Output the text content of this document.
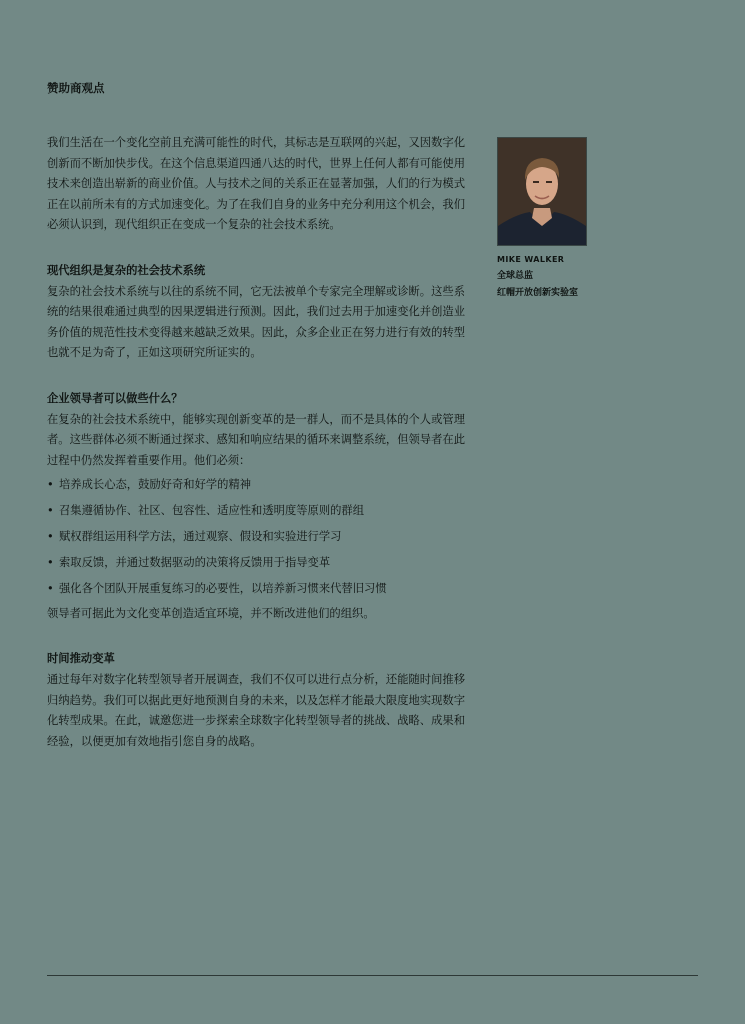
赞助商观点

我们生活在一个变化空前且充满可能性的时代，其标志是互联网的兴起，又因数字化创新而不断加快步伐。在这个信息渠道四通八达的时代，世界上任何人都有可能使用技术来创造出崭新的商业价值。人与技术之间的关系正在显著加强，人们的行为模式正在以前所未有的方式加速变化。为了在我们自身的业务中充分利用这个机会，我们必须认识到，现代组织正在变成一个复杂的社会技术系统。

现代组织是复杂的社会技术系统

复杂的社会技术系统与以往的系统不同，它无法被单个专家完全理解或诊断。这些系统的结果很难通过典型的因果逻辑进行预测。因此，我们过去用于加速变化并创造业务价值的规范性技术变得越来越缺乏效果。因此，众多企业正在努力进行有效的转型也就不足为奇了，正如这项研究所证实的。

企业领导者可以做些什么？

在复杂的社会技术系统中，能够实现创新变革的是一群人，而不是具体的个人或管理者。这些群体必须不断通过探求、感知和响应结果的循环来调整系统，但领导者在此过程中仍然发挥着重要作用。他们必须：

• 培养成长心态，鼓励好奇和好学的精神
• 召集遵循协作、社区、包容性、适应性和透明度等原则的群组
• 赋权群组运用科学方法，通过观察、假设和实验进行学习
• 索取反馈，并通过数据驱动的决策将反馈用于指导变革
• 强化各个团队开展重复练习的必要性，以培养新习惯来代替旧习惯

领导者可据此为文化变革创造适宜环境，并不断改进他们的组织。

时间推动变革

通过每年对数字化转型领导者开展调查，我们不仅可以进行点分析，还能随时间推移归纳趋势。我们可以据此更好地预测自身的未来，以及怎样才能最大限度地实现数字化转型成果。在此，诚邀您进一步探索全球数字化转型领导者的挑战、战略、成果和经验，以便更加有效地指引您自身的战略。

MIKE WALKER
全球总监
红帽开放创新实验室
